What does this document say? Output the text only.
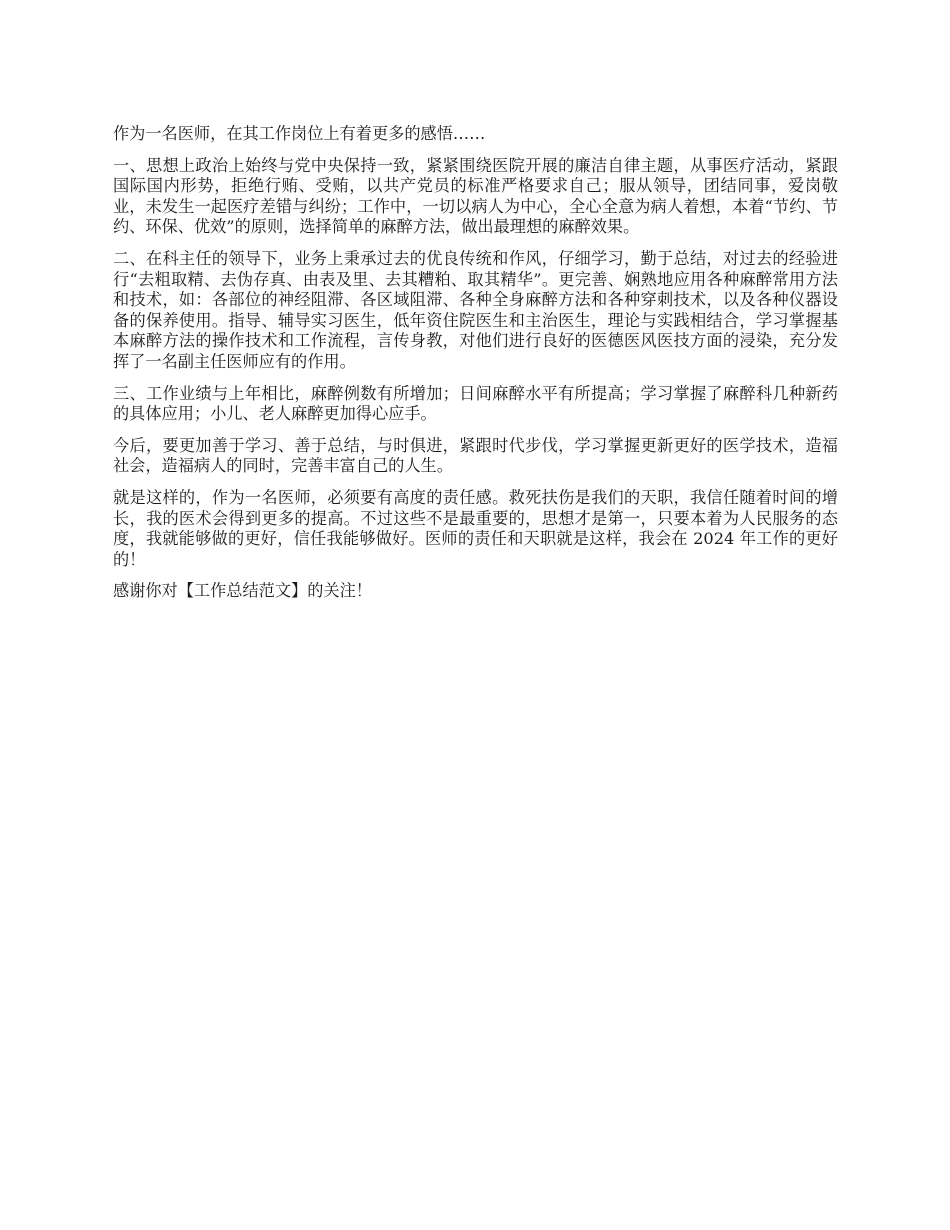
作为一名医师，在其工作岗位上有着更多的感悟……

一、思想上政治上始终与党中央保持一致，紧紧围绕医院开展的廉洁自律主题，从事医疗活动，紧跟国际国内形势，拒绝行贿、受贿，以共产党员的标准严格要求自己；服从领导，团结同事，爱岗敬业，未发生一起医疗差错与纠纷；工作中，一切以病人为中心，全心全意为病人着想，本着“节约、节约、环保、优效”的原则，选择简单的麻醉方法，做出最理想的麻醉效果。

二、在科主任的领导下，业务上秉承过去的优良传统和作风，仔细学习，勤于总结，对过去的经验进行“去粗取精、去伪存真、由表及里、去其糟粕、取其精华”。更完善、娴熟地应用各种麻醉常用方法和技术，如：各部位的神经阻滞、各区域阻滞、各种全身麻醉方法和各种穿刺技术，以及各种仪器设备的保养使用。指导、辅导实习医生，低年资住院医生和主治医生，理论与实践相结合，学习掌握基本麻醉方法的操作技术和工作流程，言传身教，对他们进行良好的医德医风医技方面的浸染，充分发挥了一名副主任医师应有的作用。

三、工作业绩与上年相比，麻醉例数有所增加；日间麻醉水平有所提高；学习掌握了麻醉科几种新药的具体应用；小儿、老人麻醉更加得心应手。

今后，要更加善于学习、善于总结，与时俱进，紧跟时代步伐，学习掌握更新更好的医学技术，造福社会，造福病人的同时，完善丰富自己的人生。

就是这样的，作为一名医师，必须要有高度的责任感。救死扶伤是我们的天职，我信任随着时间的增长，我的医术会得到更多的提高。不过这些不是最重要的，思想才是第一，只要本着为人民服务的态度，我就能够做的更好，信任我能够做好。医师的责任和天职就是这样，我会在 2024 年工作的更好的！

感谢你对【工作总结范文】的关注！
